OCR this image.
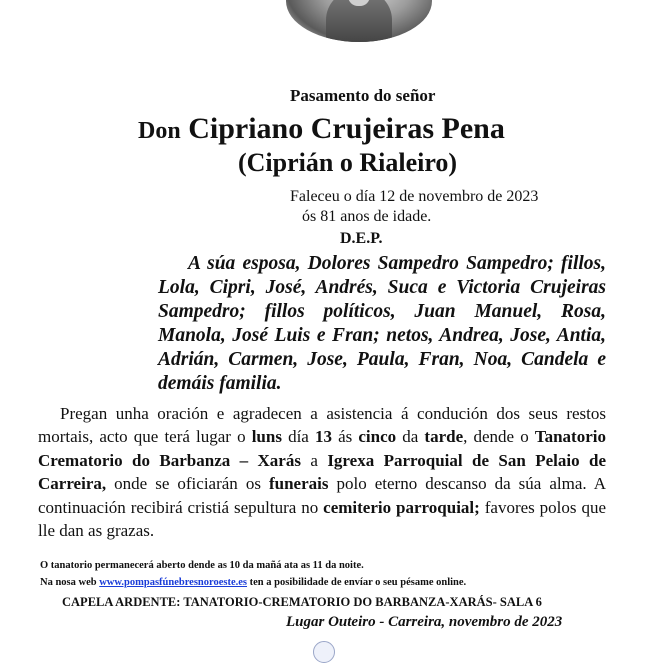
Pasamento do señor
Don Cipriano Crujeiras Pena
(Ciprián o Rialeiro)
Faleceu o día 12 de novembro de 2023
ós 81 anos de idade.
D.E.P.
A súa esposa, Dolores Sampedro Sampedro; fillos, Lola, Cipri, José, Andrés, Suca e Victoria Crujeiras Sampedro; fillos políticos, Juan Manuel, Rosa, Manola, José Luis e Fran; netos, Andrea, Jose, Antia, Adrián, Carmen, Jose, Paula, Fran, Noa, Candela e demáis familia.
Pregan unha oración e agradecen a asistencia á condución dos seus restos mortais, acto que terá lugar o luns día 13 ás cinco da tarde, dende o Tanatorio Crematorio do Barbanza – Xarás a Igrexa Parroquial de San Pelaio de Carreira, onde se oficiarán os funerais polo eterno descanso da súa alma. A continuación recibirá cristiá sepultura no cemiterio parroquial; favores polos que lle dan as grazas.
O tanatorio permanecerá aberto dende as 10 da mañá ata as 11 da noite.
Na nosa web www.pompasfúnebresnoroeste.es ten a posibilidade de envíar o seu pésame online.
CAPELA ARDENTE: TANATORIO-CREMATORIO DO BARBANZA-XARÁS- SALA 6
Lugar Outeiro - Carreira, novembro de 2023
